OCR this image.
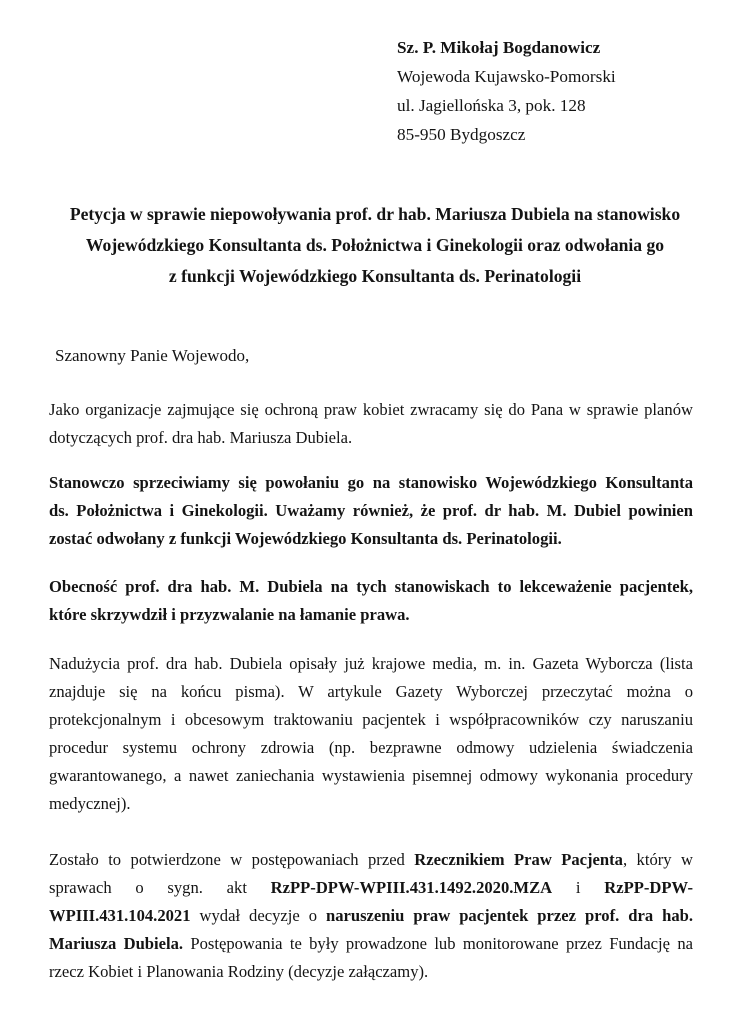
Sz. P. Mikołaj Bogdanowicz
Wojewoda Kujawsko-Pomorski
ul. Jagiellońska 3, pok. 128
85-950 Bydgoszcz
Petycja w sprawie niepowoływania prof. dr hab. Mariusza Dubiela na stanowisko
Wojewódzkiego Konsultanta ds. Położnictwa i Ginekologii oraz odwołania go
z funkcji Wojewódzkiego Konsultanta ds. Perinatologii
Szanowny Panie Wojewodo,
Jako organizacje zajmujące się ochroną praw kobiet zwracamy się do Pana w sprawie planów
dotyczących prof. dra hab. Mariusza Dubiela.
Stanowczo sprzeciwiamy się powołaniu go na stanowisko Wojewódzkiego Konsultanta
ds. Położnictwa i Ginekologii. Uważamy również, że prof. dr hab. M. Dubiel powinien
zostać odwołany z funkcji Wojewódzkiego Konsultanta ds. Perinatologii.
Obecność prof. dra hab. M. Dubiela na tych stanowiskach to lekceważenie pacjentek,
które skrzywdził i przyzwalanie na łamanie prawa.
Nadużycia prof. dra hab. Dubiela opisały już krajowe media, m. in. Gazeta Wyborcza (lista
znajduje się na końcu pisma). W artykule Gazety Wyborczej przeczytać można o
protekcjonalnym i obcesowym traktowaniu pacjentek i współpracowników czy naruszaniu
procedur systemu ochrony zdrowia (np. bezprawne odmowy udzielenia świadczenia
gwarantowanego, a nawet zaniechania wystawienia pisemnej odmowy wykonania procedury
medycznej).
Zostało to potwierdzone w postępowaniach przed Rzecznikiem Praw Pacjenta, który w
sprawach o sygn. akt RzPP-DPW-WPIII.431.1492.2020.MZA i RzPP-DPW-
WPIII.431.104.2021 wydał decyzje o naruszeniu praw pacjentek przez prof. dra hab.
Mariusza Dubiela. Postępowania te były prowadzone lub monitorowane przez Fundację na
rzecz Kobiet i Planowania Rodziny (decyzje załączamy).
